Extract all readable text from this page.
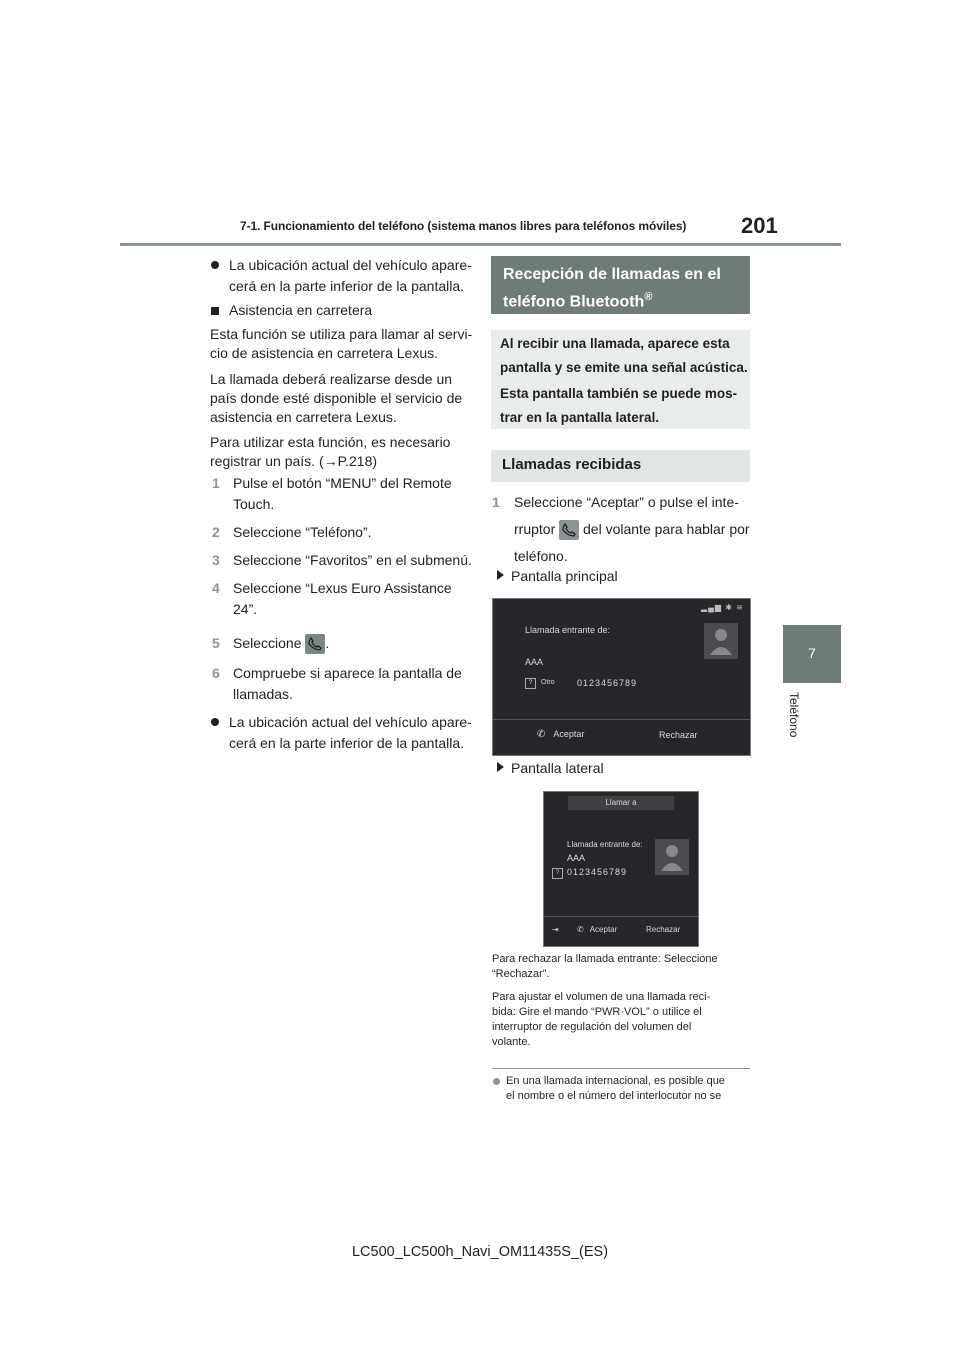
7-1. Funcionamiento del teléfono (sistema manos libres para teléfonos móviles) 201
7
Teléfono
La ubicación actual del vehículo apare-
cerá en la parte inferior de la pantalla.
Asistencia en carretera
Esta función se utiliza para llamar al servi-
cio de asistencia en carretera Lexus.
La llamada deberá realizarse desde un
país donde esté disponible el servicio de
asistencia en carretera Lexus.
Para utilizar esta función, es necesario
registrar un país. (→P.218)
1 Pulse el botón “MENU” del Remote
Touch.
2 Seleccione “Teléfono”.
3 Seleccione “Favoritos” en el submenú.
4 Seleccione “Lexus Euro Assistance
24”.
5 Seleccione .
6 Compruebe si aparece la pantalla de
llamadas.
La ubicación actual del vehículo apare-
cerá en la parte inferior de la pantalla.
Recepción de llamadas en el
teléfono Bluetooth®
Al recibir una llamada, aparece esta
pantalla y se emite una señal acústica.
Esta pantalla también se puede mos-
trar en la pantalla lateral.
Llamadas recibidas
1 Seleccione “Aceptar” o pulse el inte-
rruptor del volante para hablar por
teléfono.
Pantalla principal
▂▄▆ ✱ ≋
Llamada entrante de:
AAA
?	Otro 0123456789
✆ Aceptar	Rechazar
Pantalla lateral
Llamar a
Llamada entrante de:
AAA
? 0123456789
⇥ ✆ Aceptar	Rechazar
Para rechazar la llamada entrante: Seleccione
“Rechazar”.
Para ajustar el volumen de una llamada reci-
bida: Gire el mando “PWR·VOL” o utilice el
interruptor de regulación del volumen del
volante.
En una llamada internacional, es posible que
el nombre o el número del interlocutor no se
LC500_LC500h_Navi_OM11435S_(ES)
